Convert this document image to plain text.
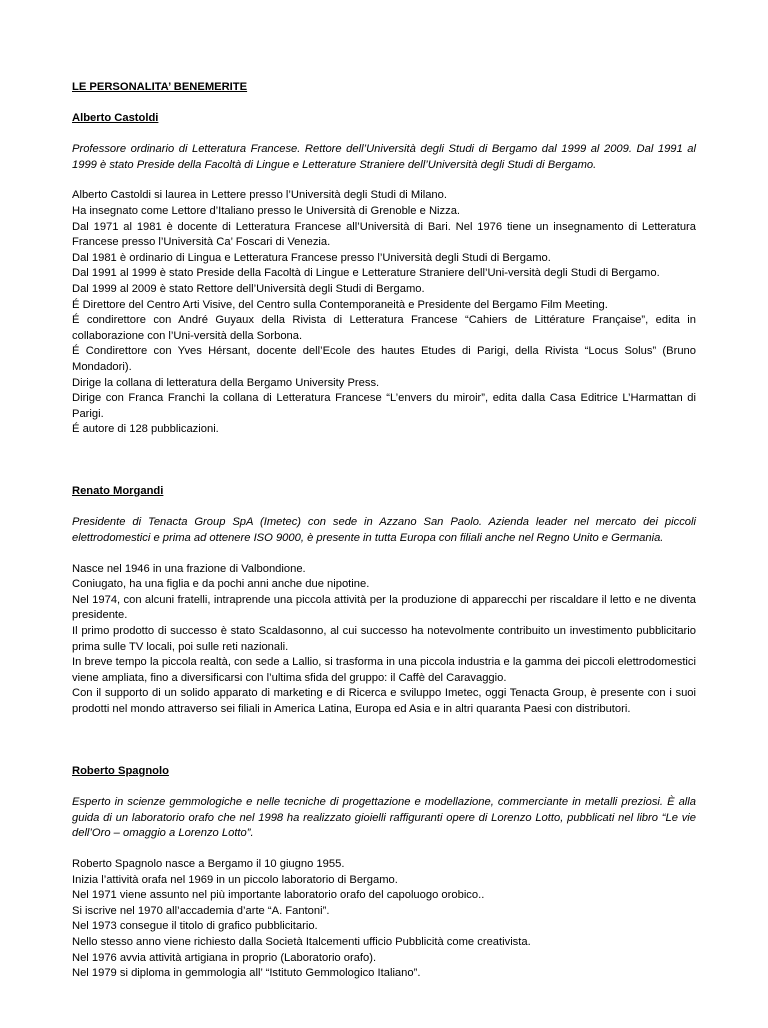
LE PERSONALITA’ BENEMERITE

Alberto Castoldi

Professore ordinario di Letteratura Francese. Rettore dell’Università degli Studi di Bergamo dal 1999 al 2009. Dal 1991 al 1999 è stato Preside della Facoltà di Lingue e Letterature Straniere dell’Università degli Studi di Bergamo.

Alberto Castoldi si laurea in Lettere presso l’Università degli Studi di Milano.

Ha insegnato come Lettore d’Italiano presso le Università di Grenoble e Nizza.

Dal 1971 al 1981 è docente di Letteratura Francese all’Università di Bari. Nel 1976 tiene un insegnamento di Letteratura Francese presso l’Università Ca’ Foscari di Venezia.

Dal 1981 è ordinario di Lingua e Letteratura Francese presso l’Università degli Studi di Bergamo.

Dal 1991 al 1999 è stato Preside della Facoltà di Lingue e Letterature Straniere dell’Uni-versità degli Studi di Bergamo.

Dal 1999 al 2009 è stato Rettore dell’Università degli Studi di Bergamo.

É Direttore del Centro Arti Visive, del Centro sulla Contemporaneità e Presidente del Bergamo Film Meeting.

É condirettore con André Guyaux della Rivista di Letteratura Francese “Cahiers de Littérature Française”, edita in collaborazione con l’Uni-versità della Sorbona.

É Condirettore con Yves Hérsant, docente dell’Ecole des hautes Etudes di Parigi, della Rivista “Locus Solus” (Bruno Mondadori).

Dirige la collana di letteratura della Bergamo University Press.

Dirige con Franca Franchi la collana di Letteratura Francese “L’envers du miroir”, edita dalla Casa Editrice L’Harmattan di Parigi.

É autore di 128 pubblicazioni.

Renato Morgandi

Presidente di Tenacta Group SpA (Imetec) con sede in Azzano San Paolo. Azienda leader nel mercato dei piccoli elettrodomestici e prima ad ottenere ISO 9000, è presente in tutta Europa con filiali anche nel Regno Unito e Germania.

Nasce nel 1946 in una frazione di Valbondione.

Coniugato, ha una figlia e da pochi anni anche due nipotine.

Nel 1974, con alcuni fratelli, intraprende una piccola attività per la produzione di apparecchi per riscaldare il letto e ne diventa presidente.

Il primo prodotto di successo è stato Scaldasonno, al cui successo ha notevolmente contribuito un investimento pubblicitario prima sulle TV locali, poi sulle reti nazionali.

In breve tempo la piccola realtà, con sede a Lallio, si trasforma in una piccola industria e la gamma dei piccoli elettrodomestici viene ampliata, fino a diversificarsi con l’ultima sfida del gruppo: il Caffè del Caravaggio.

Con il supporto di un solido apparato di marketing e di Ricerca e sviluppo Imetec, oggi Tenacta Group, è presente con i suoi prodotti nel mondo attraverso sei filiali in America Latina, Europa ed Asia e in altri quaranta Paesi con distributori.

Roberto Spagnolo

Esperto in scienze gemmologiche e nelle tecniche di progettazione e modellazione, commerciante in metalli preziosi. È alla guida di un laboratorio orafo che nel 1998 ha realizzato gioielli raffiguranti opere di Lorenzo Lotto, pubblicati nel libro “Le vie dell’Oro – omaggio a Lorenzo Lotto”.

Roberto Spagnolo nasce a Bergamo il 10 giugno 1955.

Inizia l’attività orafa nel 1969 in un piccolo laboratorio di Bergamo.

Nel 1971 viene assunto nel più importante laboratorio orafo del capoluogo orobico..

Si iscrive nel 1970 all’accademia d’arte “A. Fantoni”.

Nel 1973 consegue il titolo di grafico pubblicitario.

Nello stesso anno viene richiesto dalla Società Italcementi ufficio Pubblicità come creativista.

Nel 1976 avvia attività artigiana in proprio (Laboratorio orafo).

Nel 1979 si diploma in gemmologia all’ “Istituto Gemmologico Italiano”.
